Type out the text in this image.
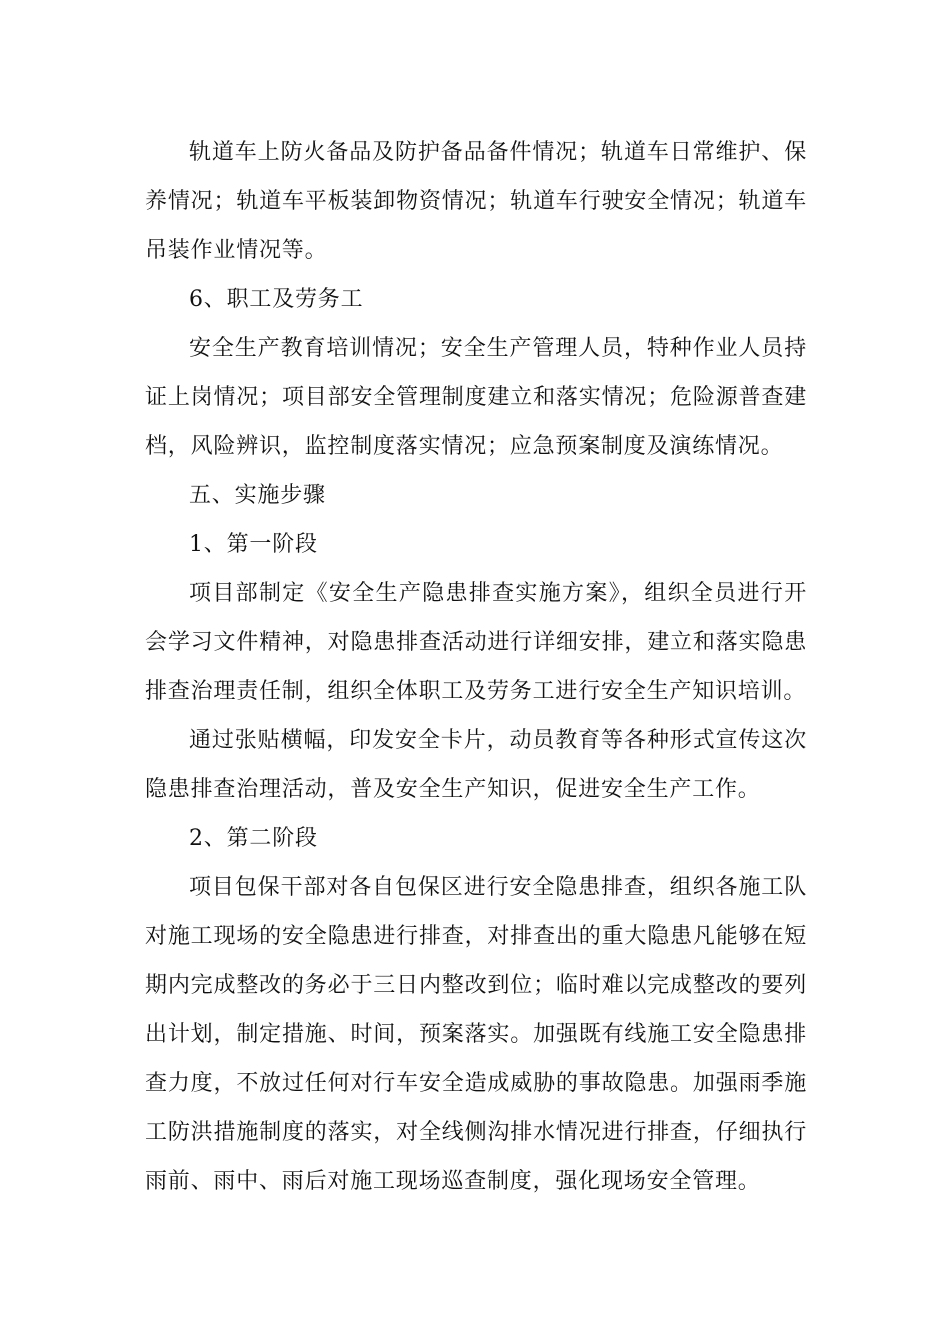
轨道车上防火备品及防护备品备件情况；轨道车日常维护、保养情况；轨道车平板装卸物资情况；轨道车行驶安全情况；轨道车吊装作业情况等。

6、职工及劳务工

安全生产教育培训情况；安全生产管理人员，特种作业人员持证上岗情况；项目部安全管理制度建立和落实情况；危险源普查建档，风险辨识，监控制度落实情况；应急预案制度及演练情况。

五、实施步骤

1、第一阶段

项目部制定《安全生产隐患排查实施方案》，组织全员进行开会学习文件精神，对隐患排查活动进行详细安排，建立和落实隐患排查治理责任制，组织全体职工及劳务工进行安全生产知识培训。

通过张贴横幅，印发安全卡片，动员教育等各种形式宣传这次隐患排查治理活动，普及安全生产知识，促进安全生产工作。

2、第二阶段

项目包保干部对各自包保区进行安全隐患排查，组织各施工队对施工现场的安全隐患进行排查，对排查出的重大隐患凡能够在短期内完成整改的务必于三日内整改到位；临时难以完成整改的要列出计划，制定措施、时间，预案落实。加强既有线施工安全隐患排查力度，不放过任何对行车安全造成威胁的事故隐患。加强雨季施工防洪措施制度的落实，对全线侧沟排水情况进行排查，仔细执行雨前、雨中、雨后对施工现场巡查制度，强化现场安全管理。
